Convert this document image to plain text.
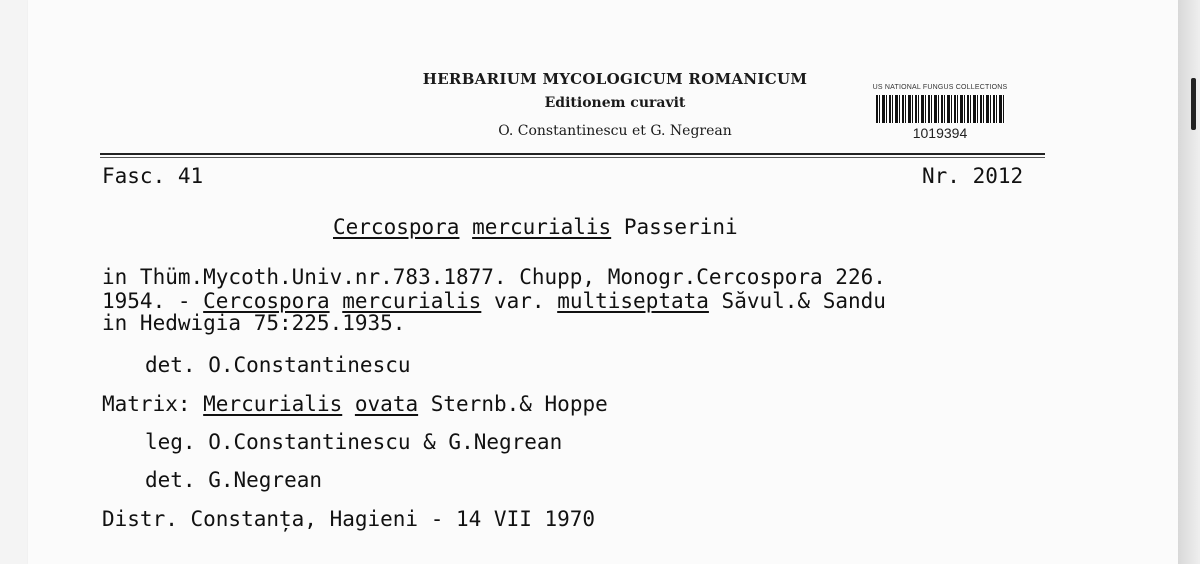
HERBARIUM MYCOLOGICUM ROMANICUM
Editionem curavit
O. Constantinescu et G. Negrean
US NATIONAL FUNGUS COLLECTIONS
1019394
Fasc. 41	Nr. 2012
Cercospora mercurialis Passerini
in Thüm.Mycoth.Univ.nr.783.1877. Chupp, Monogr.Cercospora 226.
1954. - Cercospora mercurialis var. multiseptata Săvul.& Sandu
in Hedwigia 75:225.1935.
det. O.Constantinescu
Matrix: Mercurialis ovata Sternb.& Hoppe
leg. O.Constantinescu & G.Negrean
det. G.Negrean
Distr. Constanța, Hagieni - 14 VII 1970
